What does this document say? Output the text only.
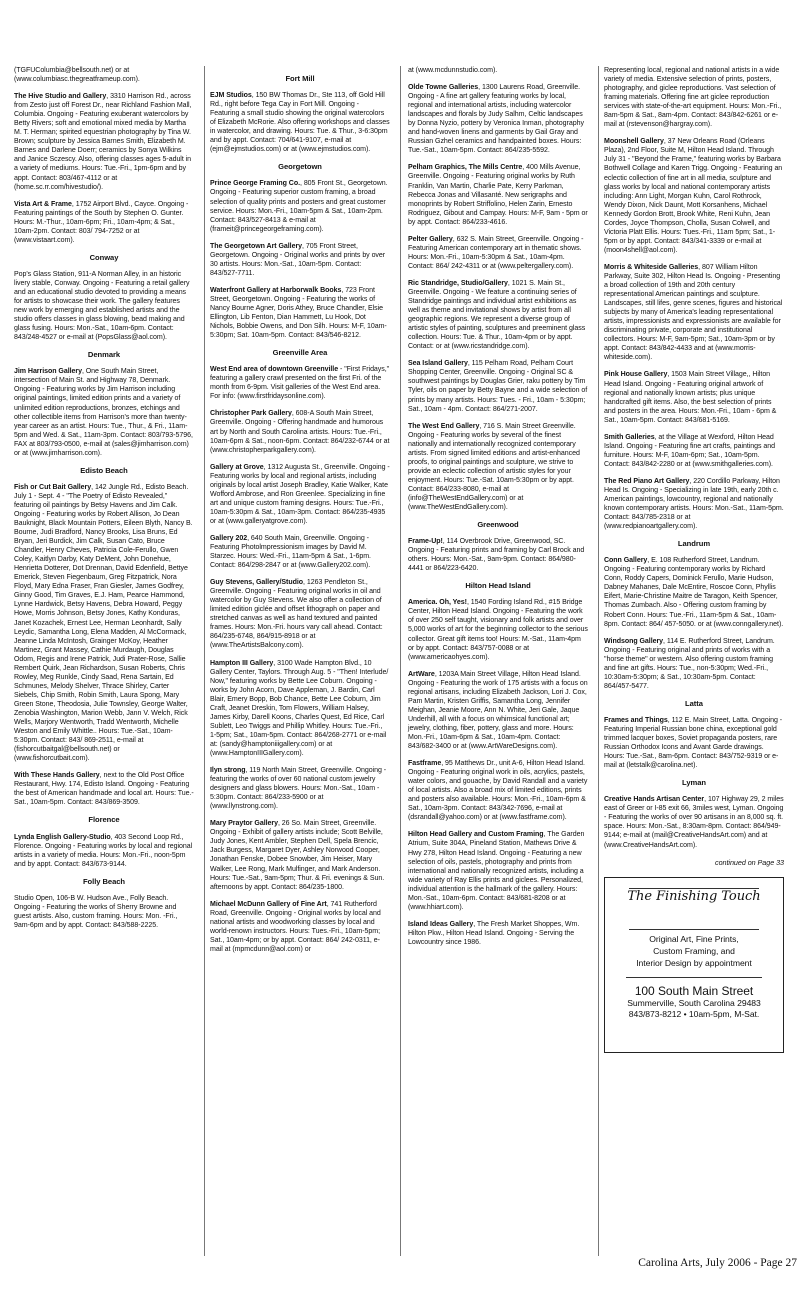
(TGFUColumbia@bellsouth.net) or at (www.columbiasc.thegreatframeup.com).
The Hive Studio and Gallery, 3310 Harrison Rd., across from Zesto just off Forest Dr., near Richland Fashion Mall, Columbia. Ongoing - Featuring exuberant watercolors by Betty Rivers; soft and emotional mixed media by Martha M. T. Herman; spirited equestrian photography by Tina W. Brown; sculpture by Jessica Barnes Smith, Elizabeth M. Barnes and Darlene Doerr; ceramics by Sonya Wilkins and Janice Sczescy. Also, offering classes ages 5-adult in a variety of mediums. Hours: Tue.-Fri., 1pm-6pm and by appt. Contact: 803/467-4112 or at (home.sc.rr.com/hivestudio/).
Vista Art & Frame, 1752 Airport Blvd., Cayce. Ongoing - Featuring paintings of the South by Stephen O. Gunter. Hours: M.-Thur., 10am-6pm; Fri., 10am-4pm; & Sat., 10am-2pm. Contact: 803/ 794-7252 or at (www.vistaart.com).
Conway
Pop's Glass Station, 911-A Norman Alley, in an historic livery stable, Conway. Ongoing - Featuring a retail gallery and an educational studio devoted to providing a means for artists to showcase their work. The gallery features new work by emerging and established artists and the studio offers classes in glass blowing, bead making and glass fusing. Hours: Mon.-Sat., 10am-6pm. Contact: 843/248-4527 or e-mail at (PopsGlass@aol.com).
Denmark
Jim Harrison Gallery, One South Main Street, intersection of Main St. and Highway 78, Denmark. Ongoing - Featuring works by Jim Harrison including original paintings, limited edition prints and a variety of unlimited edition reproductions, bronzes, etchings and other collectible items from Harrison's more than twenty-year career as an artist. Hours: Tue., Thur., & Fri., 11am-5pm and Wed. & Sat., 11am-3pm. Contact: 803/793-5796, FAX at 803/793-0500, e-mail at (sales@jimharrison.com) or at (www.jimharrison.com).
Edisto Beach
Fish or Cut Bait Gallery, 142 Jungle Rd., Edisto Beach. July 1 - Sept. 4 - "The Poetry of Edisto Revealed," featuring oil paintings by Betsy Havens and Jim Calk. Ongoing - Featuring works by Robert Allison, Jo Dean Bauknight, Black Mountain Potters, Eileen Blyth, Nancy B. Bourne, Judi Bradford, Nancy Brooks, Lisa Bruns, Ed Bryan, Jeri Burdick, Jim Calk, Susan Cato, Bruce Chandler, Henry Cheves, Patricia Cole-Ferullo, Gwen Coley, Kaitlyn Darby, Katy DeMent, John Donehue, Henrietta Dotterer, Dot Drennan, David Edenfield, Bettye Emerick, Steven Fiegenbaum, Greg Fitzpatrick, Nora Floyd, Mary Edna Fraser, Fran Giesler, James Godfrey, Ginny Good, Tim Graves, E.J. Ham, Pearce Hammond, Lynne Hardwick, Betsy Havens, Debra Howard, Peggy Howe, Morris Johnson, Betsy Jones, Kathy Konduras, Janet Kozachek, Ernest Lee, Herman Leonhardt, Sally Leydic, Samantha Long, Elena Madden, Al McCormack, Jeanne Linda McIntosh, Grainger McKoy, Heather Martinez, Grant Massey, Cathie Murdaugh, Douglas Odom, Regis and Irene Patrick, Judi Prater-Rose, Sallie Rembert Quirk, Jean Richardson, Susan Roberts, Chris Rowley, Meg Runkle, Cindy Saad, Rena Sartain, Ed Schmunes, Melody Shelver, Thrace Shirley, Carter Siebels, Chip Smith, Robin Smith, Laura Spong, Mary Green Stone, Theodosia, Julie Townsley, George Walter, Zenobia Washington, Marion Webb, Jann V. Welch, Rick Wells, Marjory Wentworth, Tradd Wentworth, Michelle Weston and Emily Whittle.. Hours: Tue.-Sat., 10am-5:30pm. Contact: 843/ 869-2511, e-mail at (fishorcutbaitgal@bellsouth.net) or (www.fishorcutbait.com).
With These Hands Gallery, next to the Old Post Office Restaurant, Hwy. 174, Edisto Island. Ongoing - Featuring the best of American handmade and local art. Hours: Tue.-Sat., 10am-5pm. Contact: 843/869-3509.
Florence
Lynda English Gallery-Studio, 403 Second Loop Rd., Florence. Ongoing - Featuring works by local and regional artists in a variety of media. Hours: Mon.-Fri., noon-5pm and by appt. Contact: 843/673-9144.
Folly Beach
Studio Open, 106-B W. Hudson Ave., Folly Beach. Ongoing - Featuring the works of Sherry Browne and guest artists. Also, custom framing. Hours: Mon. -Fri., 9am-6pm and by appt. Contact: 843/588-2225.
Fort Mill
EJM Studios, 150 BW Thomas Dr., Ste 113, off Gold Hill Rd., right before Tega Cay in Fort Mill. Ongoing - Featuring a small studio showing the original watercolors of Elizabeth McRorie. Also offering workshops and classes in watercolor, and drawing. Hours: Tue. & Thur., 3-6:30pm and by appt. Contact: 704/641-9107, e-mail at (ejm@ejmstudios.com) or at (www.ejmstudios.com).
Georgetown
Prince George Framing Co., 805 Front St., Georgetown. Ongoing - Featuring superior custom framing, a broad selection of quality prints and posters and great customer service. Hours: Mon.-Fri., 10am-5pm & Sat., 10am-2pm. Contact: 843/527-8413 & e-mail at (frameit@princegeorgeframing.com).
The Georgetown Art Gallery, 705 Front Street, Georgetown. Ongoing - Original works and prints by over 30 artists. Hours: Mon.-Sat., 10am-5pm. Contact: 843/527-7711.
Waterfront Gallery at Harborwalk Books, 723 Front Street, Georgetown. Ongoing - Featuring the works of Nancy Bourne Agner, Doris Athey, Bruce Chandler, Elsie Ellington, Lib Fenton, Dian Hammett, Lu Hook, Dot Nichols, Bobbie Owens, and Don Silh. Hours: M-F, 10am-5:30pm; Sat. 10am-5pm. Contact: 843/546-8212.
Greenville Area
West End area of downtown Greenville - "First Fridays," featuring a gallery crawl presented on the first Fri. of the month from 6-9pm. Visit galleries of the West End area. For info: (www.firstfridaysonline.com).
Christopher Park Gallery, 608-A South Main Street, Greenville. Ongoing - Offering handmade and humorous art by North and South Carolina artists. Hours: Tue.-Fri., 10am-6pm & Sat., noon-6pm. Contact: 864/232-6744 or at (www.christopherparkgallery.com).
Gallery at Grove, 1312 Augusta St., Greenville. Ongoing - Featuring works by local and regional artists, including originals by local artist Joseph Bradley, Katie Walker, Kate Wofford Ambrose, and Ron Greenlee. Specializing in fine art and unique custom framing designs. Hours: Tue.-Fri., 10am-5:30pm & Sat., 10am-3pm. Contact: 864/235-4935 or at (www.galleryatgrove.com).
Gallery 202, 640 South Main, Greenville. Ongoing - Featuring Photolmpressionism images by David M. Starzec. Hours: Wed.-Fri., 11am-5pm & Sat., 1-6pm. Contact: 864/298-2847 or at (www.Gallery202.com).
Guy Stevens, Gallery/Studio, 1263 Pendleton St., Greenville. Ongoing - Featuring original works in oil and watercolor by Guy Stevens. We also offer a collection of limited edition giclée and offset lithograph on paper and stretched canvas as well as hand textured and painted frames. Hours: Mon.-Fri. hours vary call ahead. Contact: 864/235-6748, 864/915-8918 or at (www.TheArtistsBalcony.com).
Hampton III Gallery, 3100 Wade Hampton Blvd., 10 Gallery Center, Taylors. Through Aug. 5 - "Then! Interlude/ Now," featuring works by Bette Lee Coburn. Ongoing - works by John Acorn, Dave Appleman, J. Bardin, Carl Blair, Emery Bopp, Bob Chance, Bette Lee Coburn, Jim Craft, Jeanet Dreskin, Tom Flowers, William Halsey, James Kirby, Darell Koons, Charles Quest, Ed Rice, Carl Sublett, Leo Twiggs and Phillip Whitley. Hours: Tue.-Fri., 1-5pm; Sat., 10am-5pm. Contact: 864/268-2771 or e-mail at: (sandy@hamptoniiigallery.com) or at (www.HamptonIIIGallery.com).
Ilyn strong, 119 North Main Street, Greenville. Ongoing - featuring the works of over 60 national custom jewelry designers and glass blowers. Hours: Mon.-Sat., 10am - 5:30pm. Contact: 864/233-5900 or at (www.llynstrong.com).
Mary Praytor Gallery, 26 So. Main Street, Greenville. Ongoing - Exhibit of gallery artists include; Scott Belville, Judy Jones, Kent Ambler, Stephen Dell, Spela Brencic, Jack Burgess, Margaret Dyer, Ashley Norwood Cooper, Jonathan Fenske, Dobee Snowber, Jim Heiser, Mary Walker, Lee Rong, Mark Mulfinger, and Mark Anderson. Hours: Tue.-Sat., 9am-5pm; Thur. & Fri. evenings & Sun. afternoons by appt. Contact: 864/235-1800.
Michael McDunn Gallery of Fine Art, 741 Rutherford Road, Greenville. Ongoing - Original works by local and national artists and woodworking classes by local and world-renown instructors. Hours: Tues.-Fri., 10am-5pm; Sat., 10am-4pm; or by appt. Contact: 864/ 242-0311, e-mail at (mpmcdunn@aol.com) or
at (www.mcdunnstudio.com).
Olde Towne Galleries, 1300 Laurens Road, Greenville. Ongoing - A fine art gallery featuring works by local, regional and international artists, including watercolor landscapes and florals by Judy Salhm, Celtic landscapes by Donna Nyzio, pottery by Veronica Inman, photography and hand-woven linens and garments by Gail Gray and Russian Gzhel ceramics and handpainted boxes. Hours: Tue.-Sat., 10am-5pm. Contact: 864/235-5592.
Pelham Graphics, The Mills Centre, 400 Mills Avenue, Greenville. Ongoing - Featuring original works by Ruth Franklin, Van Martin, Charlie Pate, Kerry Parkman, Rebecca Jonas and Villasanté. New serigraphs and monoprints by Robert Striffolino, Helen Zarin, Ernesto Rodriguez, Gibout and Campay. Hours: M-F, 9am - 5pm or by appt. Contact: 864/233-4616.
Pelter Gallery, 632 S. Main Street, Greenville. Ongoing - Featuring American contemporary art in thematic shows. Hours: Mon.-Fri., 10am-5:30pm & Sat., 10am-4pm. Contact: 864/ 242-4311 or at (www.peltergallery.com).
Ric Standridge, Studio/Gallery, 1021 S. Main St., Greenville. Ongoing - We feature a continuing series of Standridge paintings and individual artist exhibitions as well as theme and invitational shows by artist from all geographic regions. We represent a diverse group of artistic styles of painting, sculptures and preeminent glass collection. Hours: Tue. & Thur., 10am-4pm or by appt. Contact: or at (www.ricstandridge.com).
Sea Island Gallery, 115 Pelham Road, Pelham Court Shopping Center, Greenville. Ongoing - Original SC & southwest paintings by Douglas Grier, raku pottery by Tim Tyler, oils on paper by Betty Bayne and a wide selection of prints by many artists. Hours: Tues. - Fri., 10am - 5:30pm; Sat., 10am - 4pm. Contact: 864/271-2007.
The West End Gallery, 716 S. Main Street Greenville. Ongoing - Featuring works by several of the finest nationally and internationally recognized contemporary artists. From signed limited editions and artist-enhanced proofs, to original paintings and sculpture, we strive to provide an eclectic collection of artistic styles for your enjoyment. Hours: Tue.-Sat. 10am-5:30pm or by appt. Contact: 864/233-8080, e-mail at (info@TheWestEndGallery.com) or at (www.TheWestEndGallery.com).
Greenwood
Frame-Up!, 114 Overbrook Drive, Greenwood, SC. Ongoing - Featuring prints and framing by Carl Brock and others. Hours: Mon.-Sat., 9am-9pm. Contact: 864/980-4441 or 864/223-6420.
Hilton Head Island
America. Oh, Yes!, 1540 Fording Island Rd., #15 Bridge Center, Hilton Head Island. Ongoing - Featuring the work of over 250 self taught, visionary and folk artists and over 5,000 works of art for the beginning collector to the serious collector. Great gift items too! Hours: M.-Sat., 11am-4pm or by appt. Contact: 843/757-0088 or at (www.americaohyes.com).
ArtWare, 1203A Main Street Village, Hilton Head Island. Ongoing - Featuring the work of 175 artists with a focus on regional artisans, including Elizabeth Jackson, Lori J. Cox, Pam Martin, Kristen Griffis, Samantha Long, Jennifer Meighan, Jeanie Moore, Ann N. White, Jeri Gale, Jaque Underhill, all with a focus on whimsical functional art; jewelry, clothing, fiber, pottery, glass and more. Hours: Mon.-Fri., 10am-6pm & Sat., 10am-4pm. Contact: 843/682-3400 or at (www.ArtWareDesigns.com).
Fastframe, 95 Matthews Dr., unit A-6, Hilton Head Island. Ongoing - Featuring original work in oils, acrylics, pastels, water colors, and gouache, by David Randall and a variety of local artists. Also a broad mix of limited editions, prints and posters also available. Hours: Mon.-Fri., 10am-6pm & Sat., 10am-3pm. Contact: 843/342-7696, e-mail at (dsrandall@yahoo.com) or at (www.fastframe.com).
Hilton Head Gallery and Custom Framing, The Garden Atrium, Suite 304A, Pineland Station, Mathews Drive & Hwy 278, Hilton Head Island. Ongoing - Featuring a new selection of oils, pastels, photography and prints from international and nationally recognized artists, including a wide variety of Ray Ellis prints and giclees. Personalized, individual attention is the hallmark of the gallery. Hours: Mon.-Sat., 10am-6pm. Contact: 843/681-8208 or at (www.hhiart.com).
Island Ideas Gallery, The Fresh Market Shoppes, Wm. Hilton Pkw., Hilton Head Island. Ongoing - Serving the Lowcountry since 1986.
Representing local, regional and national artists in a wide variety of media. Extensive selection of prints, posters, photography, and giclee reproductions. Vast selection of framing materials. Offering fine art giclee reproduction services with state-of-the-art equipment. Hours: Mon.-Fri., 8am-5pm & Sat., 8am-4pm. Contact: 843/842-6261 or e-mail at (rstevenson@hargray.com).
Moonshell Gallery, 37 New Orleans Road (Orleans Plaza), 2nd Floor, Suite M, Hilton Head Island. Through July 31 - "Beyond the Frame," featuring works by Barbara Bothwell Collage and Karen Trigg. Ongoing - Featuring an eclectic collection of fine art in all media, sculpture and glass works by local and national contemporary artists including: Ann Light, Morgan Kuhn, Carol Rothrock, Wendy Dixon, Nick Daunt, Mott Korsanhens, Michael Kennedy Gordon Brott, Brook White, Reni Kuhn, Jean Cordes, Joyce Thompson, Cholla, Susan Colwell, and Victoria Platt Ellis. Hours: Tues.-Fri., 11am 5pm; Sat., 1-5pm or by appt. Contact: 843/341-3339 or e-mail at (moon4shell@aol.com).
Morris & Whiteside Galleries, 807 William Hilton Parkway, Suite 302, Hilton Head Is. Ongoing - Presenting a broad collection of 19th and 20th century representational American paintings and sculpture. Landscapes, still lifes, genre scenes, figures and historical subjects by many of America's leading representational artists, impressionists and expressionists are available for discriminating private, corporate and institutional collectors. Hours: M-F, 9am-5pm; Sat., 10am-3pm or by appt. Contact: 843/842-4433 and at (www.morris-whiteside.com).
Pink House Gallery, 1503 Main Street Village,, Hilton Head Island. Ongoing - Featuring original artwork of regional and nationally known artists; plus unique handcrafted gift items. Also, the best selection of prints and posters in the area. Hours: Mon.-Fri., 10am - 6pm & Sat., 10am-5pm. Contact: 843/681-5169.
Smith Galleries, at the Village at Wexford, Hilton Head Island. Ongoing - Featuring fine art crafts, paintings and furniture. Hours: M-F, 10am-6pm; Sat., 10am-5pm. Contact: 843/842-2280 or at (www.smithgalleries.com).
The Red Piano Art Gallery, 220 Cordillo Parkway, Hilton Head Is. Ongoing - Specializing in late 19th, early 20th c. American paintings, lowcountry, regional and nationally known contemporary artists. Hours: Mon.-Sat., 11am-5pm. Contact: 843/785-2318 or at (www.redpianoartgallery.com).
Landrum
Conn Gallery, E. 108 Rutherford Street, Landrum. Ongoing - Featuring contemporary works by Richard Conn, Roddy Capers, Dominick Ferullo, Marie Hudson, Dabney Mahanes, Dale McEntire, Roscoe Conn, Phyllis Eifert, Marie-Christine Maitre de Taragon, Keith Spencer, Thomas Zumbach. Also - Offering custom framing by Robert Conn. Hours: Tue.-Fri., 11am-5pm & Sat., 10am-8pm. Contact: 864/ 457-5050. or at (www.conngallery.net).
Windsong Gallery, 114 E. Rutherford Street, Landrum. Ongoing - Featuring original and prints of works with a "horse theme" or western. Also offering custom framing and fine art gifts. Hours: Tue., non-5:30pm; Wed.-Fri., 10:30am-5:30pm; & Sat., 10:30am-5pm. Contact: 864/457-5477.
Latta
Frames and Things, 112 E. Main Street, Latta. Ongoing - Featuring Imperial Russian bone china, exceptional gold trimmed lacquer boxes, Soviet propaganda posters, rare Russian Orthodox Icons and Avant Garde drawings. Hours: Tue.-Sat., 8am-6pm. Contact: 843/752-9319 or e-mail at (letstalk@carolina.net).
Lyman
Creative Hands Artisan Center, 107 Highway 29, 2 miles east of Greer or I-85 exit 66, 3miles west, Lyman. Ongoing - Featuring the works of over 90 artisans in an 8,000 sq. ft. space. Hours: Mon.-Sat., 8:30am-8pm. Contact: 864/949-9144; e-mail at (mail@CreativeHandsArt.com) and at (www.CreativeHandsArt.com).
continued on Page 33
The Finishing Touch
Original Art, Fine Prints,
Custom Framing, and
Interior Design by appointment
100 South Main Street
Summerville, South Carolina 29483
843/873-8212 • 10am-5pm, M-Sat.
Carolina Arts, July 2006 - Page 27
